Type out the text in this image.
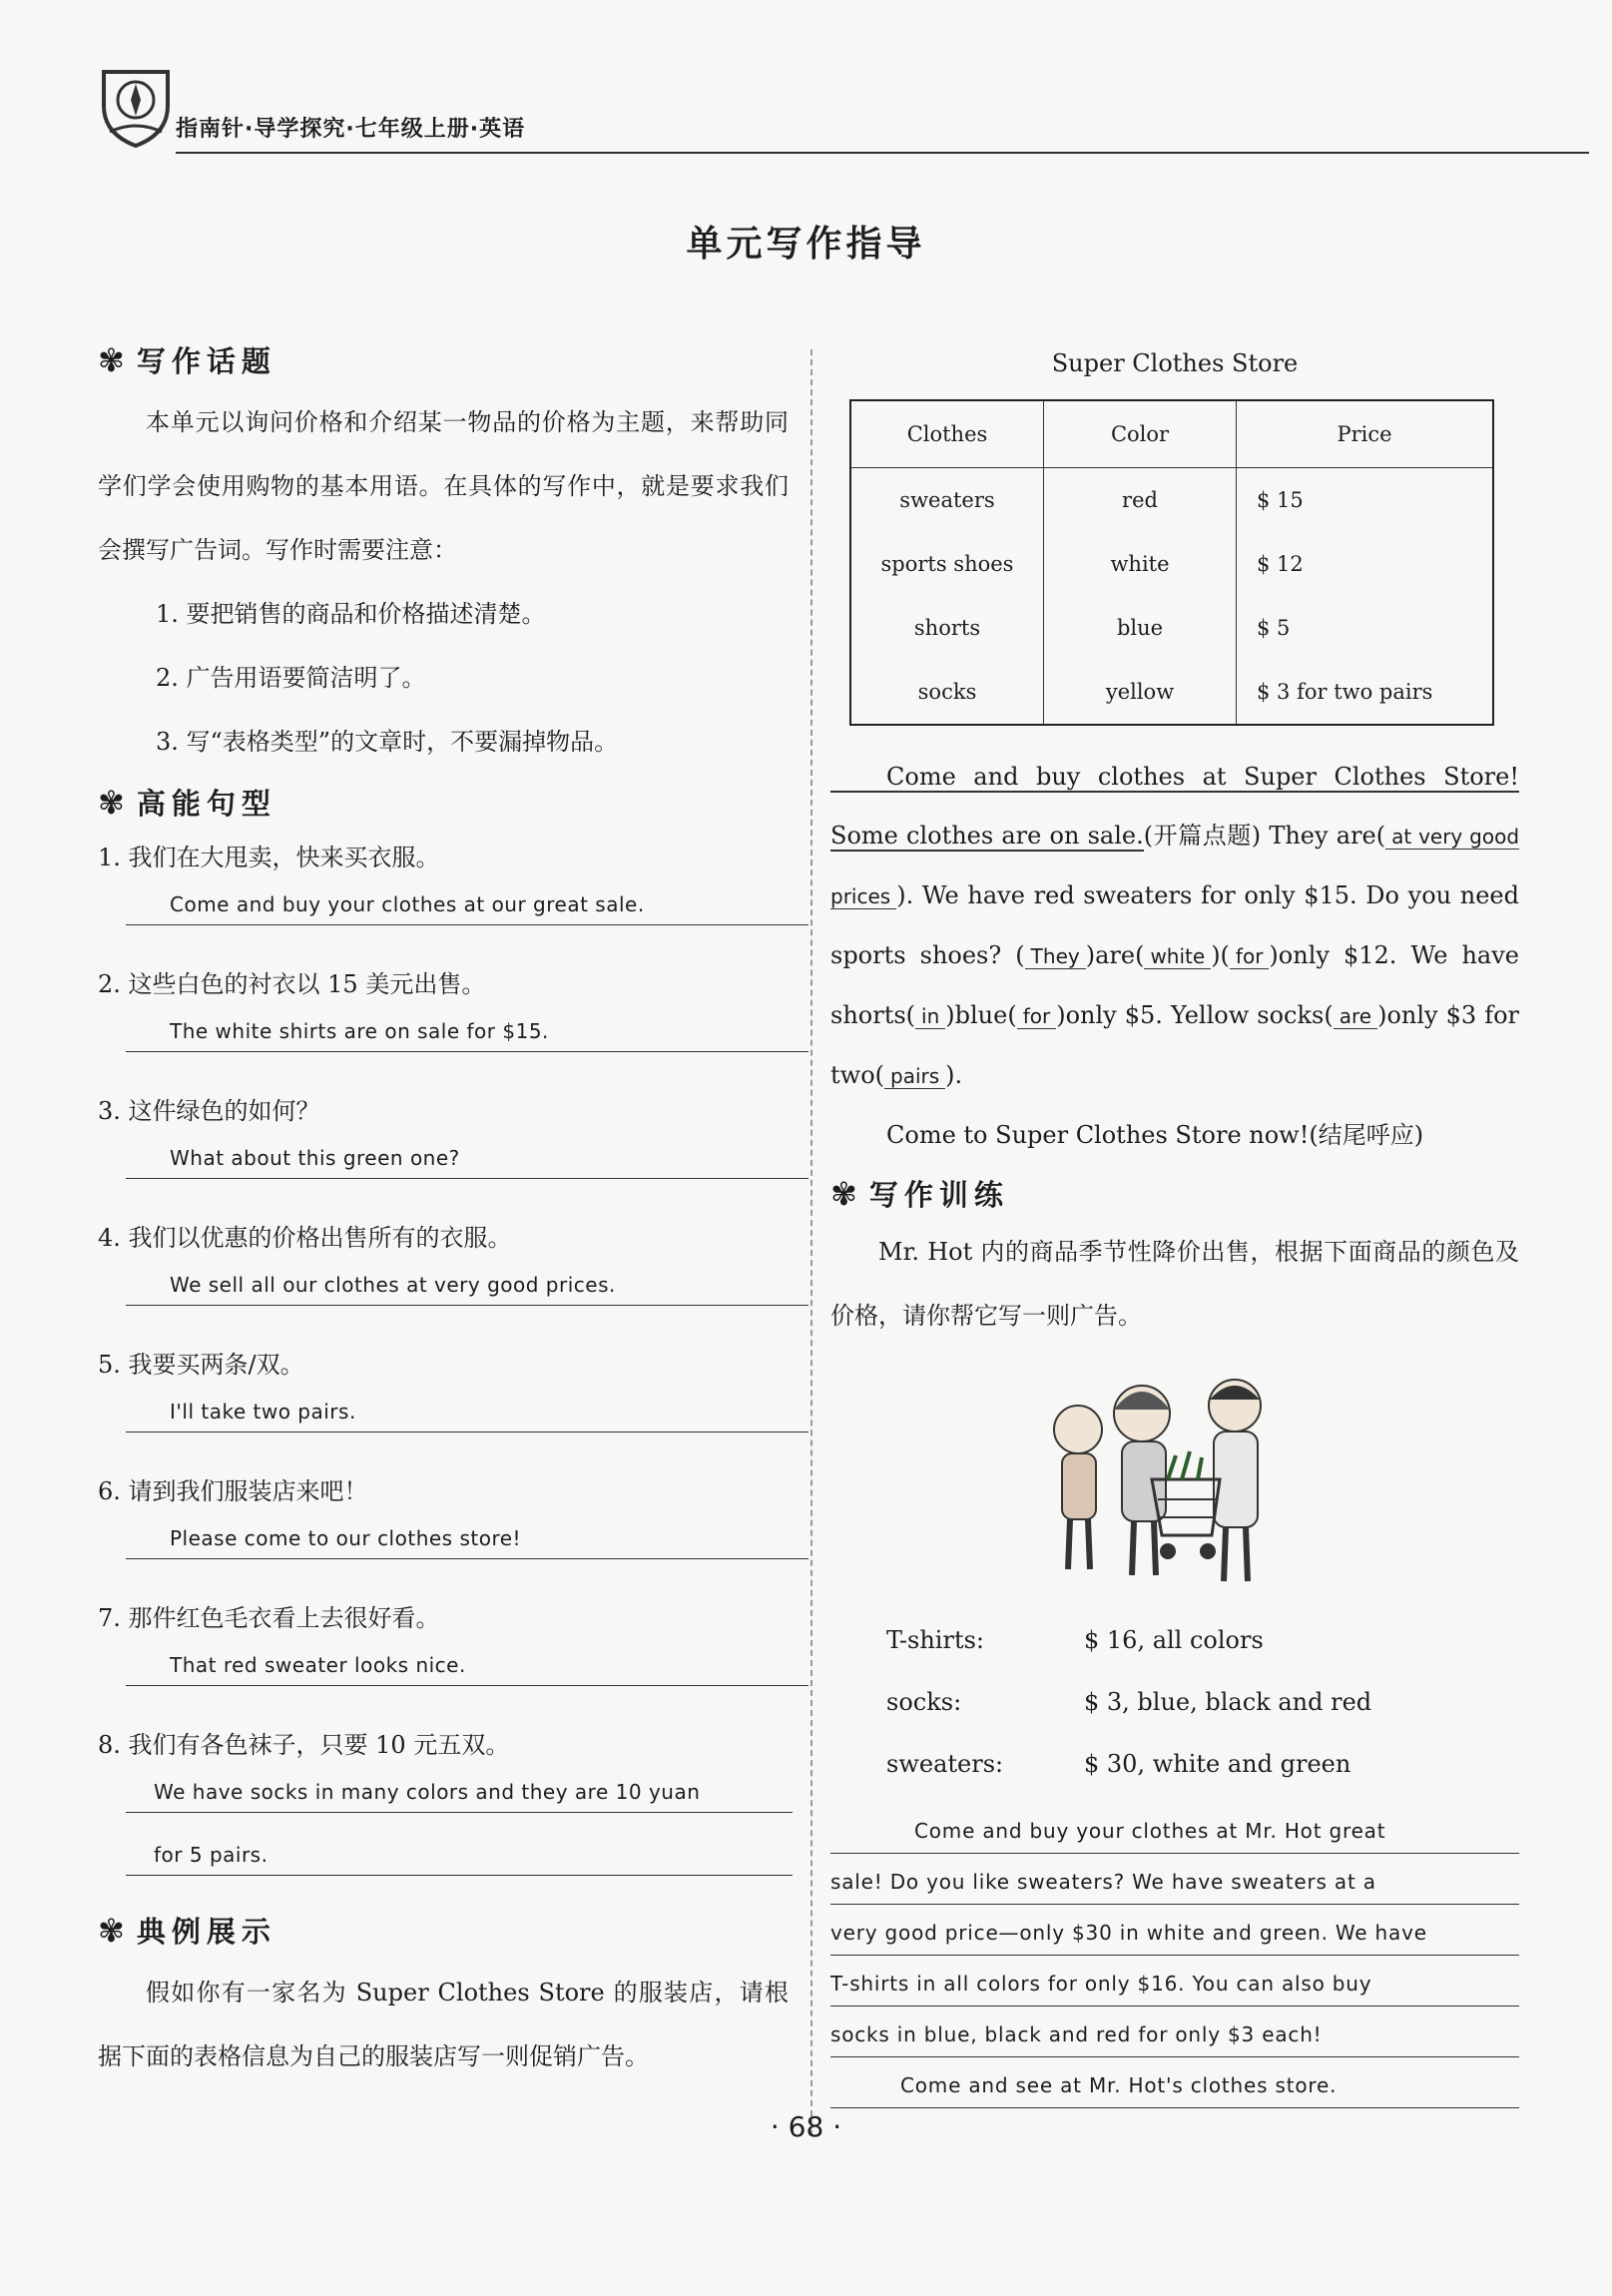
指南针·导学探究·七年级上册·英语
单元写作指导
✾ 写作话题

本单元以询问价格和介绍某一物品的价格为主题，来帮助同学们学会使用购物的基本用语。在具体的写作中，就是要求我们会撰写广告词。写作时需要注意：

1. 要把销售的商品和价格描述清楚。
2. 广告用语要简洁明了。
3. 写“表格类型”的文章时，不要漏掉物品。
✾ 高能句型
1. 我们在大甩卖，快来买衣服。
Come and buy your clothes at our great sale.
2. 这些白色的衬衣以 15 美元出售。
The white shirts are on sale for $15.
3. 这件绿色的如何？
What about this green one?
4. 我们以优惠的价格出售所有的衣服。
We sell all our clothes at very good prices.
5. 我要买两条/双。
I'll take two pairs.
6. 请到我们服装店来吧！
Please come to our clothes store!
7. 那件红色毛衣看上去很好看。
That red sweater looks nice.
8. 我们有各色袜子，只要 10 元五双。
We have socks in many colors and they are 10 yuan
for 5 pairs.
✾ 典例展示

假如你有一家名为 Super Clothes Store 的服装店，请根据下面的表格信息为自己的服装店写一则促销广告。

Super Clothes Store
Clothes	Color	Price
sweaters	red	$ 15
sports shoes	white	$ 12
shorts	blue	$ 5
socks	yellow	$ 3 for two pairs

Come and buy clothes at Super Clothes Store! Some clothes are on sale.(开篇点题) They are( at very good prices ). We have red sweaters for only $15. Do you need sports shoes? ( They )are( white )( for )only $12. We have shorts( in )blue( for )only $5. Yellow socks( are )only $3 for two( pairs ).

Come to Super Clothes Store now!(结尾呼应)

✾ 写作训练

Mr. Hot 内的商品季节性降价出售，根据下面商品的颜色及价格，请你帮它写一则广告。

T-shirts:	$ 16, all colors
socks:	$ 3, blue, black and red
sweaters:	$ 30, white and green
Come and buy your clothes at Mr. Hot great
sale! Do you like sweaters? We have sweaters at a
very good price—only $30 in white and green. We have
T-shirts in all colors for only $16. You can also buy
socks in blue, black and red for only $3 each!
Come and see at Mr. Hot's clothes store.
· 68 ·
